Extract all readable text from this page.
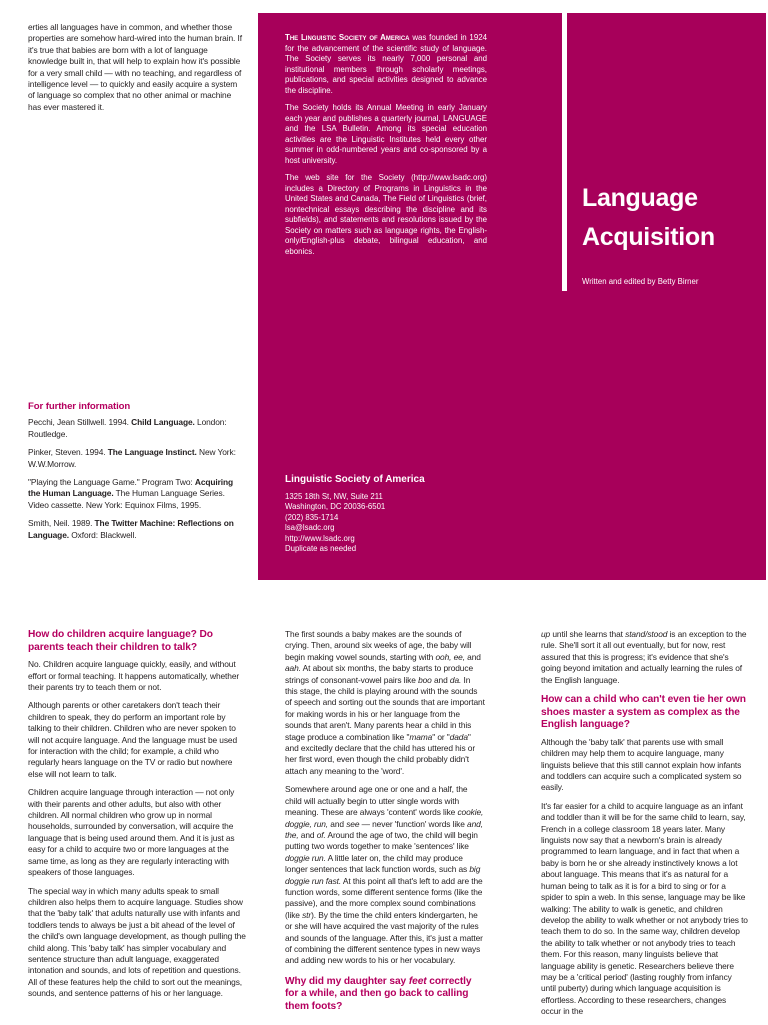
erties all languages have in common, and whether those properties are somehow hard-wired into the human brain. If it's true that babies are born with a lot of language knowledge built in, that will help to explain how it's possible for a very small child — with no teaching, and regardless of intelligence level — to quickly and easily acquire a system of language so complex that no other animal or machine has ever mastered it.

For further information
Pecchi, Jean Stillwell. 1994. Child Language. London: Routledge.
Pinker, Steven. 1994. The Language Instinct. New York: W.W.Morrow.
"Playing the Language Game." Program Two: Acquiring the Human Language. The Human Language Series. Video cassette. New York: Equinox Films, 1995.
Smith, Neil. 1989. The Twitter Machine: Reflections on Language. Oxford: Blackwell.

The Linguistic Society of America was founded in 1924 for the advancement of the scientific study of language. The Society serves its nearly 7,000 personal and institutional members through scholarly meetings, publications, and special activities designed to advance the discipline.

The Society holds its Annual Meeting in early January each year and publishes a quarterly journal, LANGUAGE and the LSA Bulletin. Among its special education activities are the Linguistic Institutes held every other summer in odd-numbered years and co-sponsored by a host university.

The web site for the Society (http://www.lsadc.org) includes a Directory of Programs in Linguistics in the United States and Canada, The Field of Linguistics (brief, nontechnical essays describing the discipline and its subfields), and statements and resolutions issued by the Society on matters such as language rights, the English-only/English-plus debate, bilingual education, and ebonics.

Language
Acquisition
Written and edited by Betty Birner
Linguistic Society of America
1325 18th St, NW, Suite 211
Washington, DC 20036-6501
(202) 835-1714
lsa@lsadc.org
http://www.lsadc.org
Duplicate as needed
How do children acquire language? Do parents teach their children to talk?

No. Children acquire language quickly, easily, and without effort or formal teaching. It happens automatically, whether their parents try to teach them or not.

Although parents or other caretakers don't teach their children to speak, they do perform an important role by talking to their children. Children who are never spoken to will not acquire language. And the language must be used for interaction with the child; for example, a child who regularly hears language on the TV or radio but nowhere else will not learn to talk.

Children acquire language through interaction — not only with their parents and other adults, but also with other children. All normal children who grow up in normal households, surrounded by conversation, will acquire the language that is being used around them. And it is just as easy for a child to acquire two or more languages at the same time, as long as they are regularly interacting with speakers of those languages.

The special way in which many adults speak to small children also helps them to acquire language. Studies show that the 'baby talk' that adults naturally use with infants and toddlers tends to always be just a bit ahead of the level of the child's own language development, as though pulling the child along. This 'baby talk' has simpler vocabulary and sentence structure than adult language, exaggerated intonation and sounds, and lots of repetition and questions. All of these features help the child to sort out the meanings, sounds, and sentence patterns of his or her language.

The first sounds a baby makes are the sounds of crying. Then, around six weeks of age, the baby will begin making vowel sounds, starting with ooh, ee, and aah. At about six months, the baby starts to produce strings of consonant-vowel pairs like boo and da. In this stage, the child is playing around with the sounds of speech and sorting out the sounds that are important for making words in his or her language from the sounds that aren't. Many parents hear a child in this stage produce a combination like "mama" or "dada" and excitedly declare that the child has uttered his or her first word, even though the child probably didn't attach any meaning to the 'word'.

Somewhere around age one or one and a half, the child will actually begin to utter single words with meaning. These are always 'content' words like cookie, doggie, run, and see — never 'function' words like and, the, and of. Around the age of two, the child will begin putting two words together to make 'sentences' like doggie run. A little later on, the child may produce longer sentences that lack function words, such as big doggie run fast. At this point all that's left to add are the function words, some different sentence forms (like the passive), and the more complex sound combinations (like str). By the time the child enters kindergarten, he or she will have acquired the vast majority of the rules and sounds of the language. After this, it's just a matter of combining the different sentence types in new ways and adding new words to his or her vocabulary.

Why did my daughter say feet correctly for a while, and then go back to calling them foots?

up until she learns that stand/stood is an exception to the rule. She'll sort it all out eventually, but for now, rest assured that this is progress; it's evidence that she's going beyond imitation and actually learning the rules of the English language.

How can a child who can't even tie her own shoes master a system as complex as the English language?

Although the 'baby talk' that parents use with small children may help them to acquire language, many linguists believe that this still cannot explain how infants and toddlers can acquire such a complicated system so easily.

It's far easier for a child to acquire language as an infant and toddler than it will be for the same child to learn, say, French in a college classroom 18 years later. Many linguists now say that a newborn's brain is already programmed to learn language, and in fact that when a baby is born he or she already instinctively knows a lot about language. This means that it's as natural for a human being to talk as it is for a bird to sing or for a spider to spin a web. In this sense, language may be like walking: The ability to walk is genetic, and children develop the ability to walk whether or not anybody tries to teach them to do so. In the same way, children develop the ability to talk whether or not anybody tries to teach them. For this reason, many linguists believe that language ability is genetic. Researchers believe there may be a 'critical period' (lasting roughly from infancy until puberty) during which language acquisition is effortless. According to these researchers, changes occur in the
